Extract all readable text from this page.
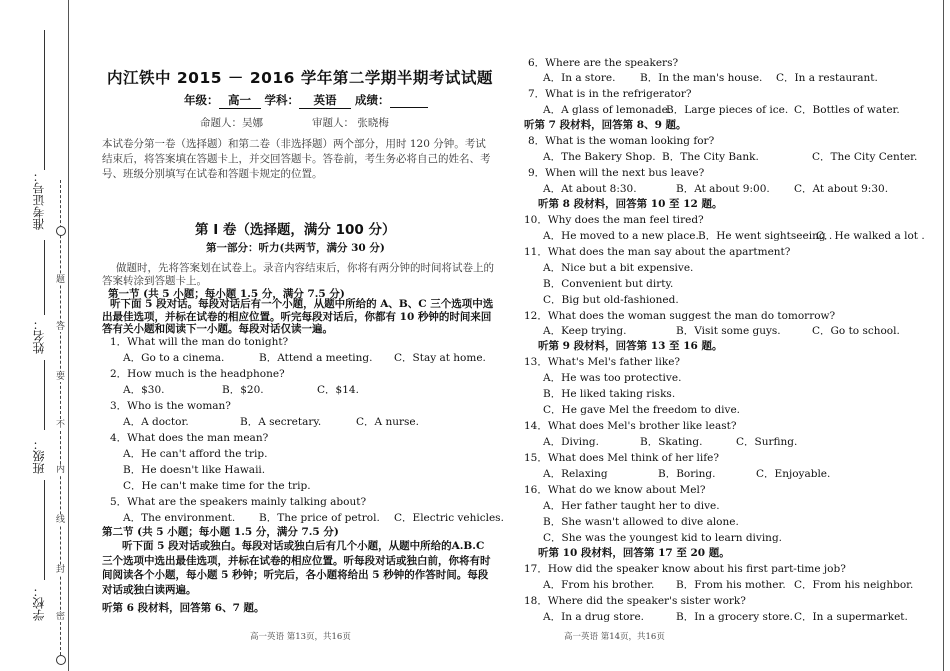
准考证号：
姓名：
班级：
学校：
题
答
要
不
内
线
封
密
内江铁中 2015 － 2016 学年第二学期半期考试试题
年级： 高一 学科： 英语 成绩：
命题人：吴娜	审题人： 张晓梅
本试卷分第一卷（选择题）和第二卷（非选择题）两个部分，用时 120 分钟。考试结束后，将答案填在答题卡上，并交回答题卡。答卷前，考生务必将自己的姓名、考号、班级分别填写在试卷和答题卡规定的位置。
第 I 卷（选择题，满分 100 分）
第一部分：听力(共两节，满分 30 分)
做题时，先将答案划在试卷上。录音内容结束后，你将有两分钟的时间将试卷上的答案转涂到答题卡上。
第一节 (共 5 小题；每小题 1.5 分，满分 7.5 分)
听下面 5 段对话。每段对话后有一个小题，从题中所给的 A、B、C 三个选项中选出最佳选项，并标在试卷的相应位置。听完每段对话后，你都有 10 秒钟的时间来回答有关小题和阅读下一小题。每段对话仅读一遍。
1．What will the man do tonight?
A．Go to a cinema.	B．Attend a meeting. C．Stay at home.
2．How much is the headphone?
A．$30.	B．$20.	C．$14.
3．Who is the woman?
A．A doctor.	B．A secretary.	C．A nurse.
4．What does the man mean?
A．He can't afford the trip.
B．He doesn't like Hawaii.
C．He can't make time for the trip.
5．What are the speakers mainly talking about?
A．The environment. B．The price of petrol. C．Electric vehicles.
第二节 (共 5 小题；每小题 1.5 分，满分 7.5 分)
听下面 5 段对话或独白。每段对话或独白后有几个小题，从题中所给的A.B.C 三个选项中选出最佳选项，并标在试卷的相应位置。听每段对话或独白前，你将有时间阅读各个小题，每小题 5 秒钟；听完后，各小题将给出 5 秒钟的作答时间。每段对话或独白读两遍。
听第 6 段材料，回答第 6、7 题。
高一英语 第13页，共16页
6．Where are the speakers?
A．In a store. B．In the man's house. C．In a restaurant.
7．What is in the refrigerator?
A．A glass of lemonade.
B．Large pieces of ice. C．Bottles of water.
听第 7 段材料，回答第 8、9 题。
8．What is the woman looking for?
A．The Bakery Shop. B．The City Bank.	C．The City Center.
9．When will the next bus leave?
A．At about 8:30.	B．At about 9:00. C．At about 9:30.
听第 8 段材料，回答第 10 至 12 题。
10．Why does the man feel tired?
A．He moved to a new place. B．He went sightseeing .
C．He walked a lot .
11．What does the man say about the apartment?
A．Nice but a bit expensive.
B．Convenient but dirty.
C．Big but old-fashioned.
12．What does the woman suggest the man do tomorrow?
A．Keep trying.	B．Visit some guys.	C．Go to school.
听第 9 段材料，回答第 13 至 16 题。
13．What's Mel's father like?
A．He was too protective.
B．He liked taking risks.
C．He gave Mel the freedom to dive.
14．What does Mel's brother like least?
A．Diving.	B．Skating.	C．Surfing.
15．What does Mel think of her life?
A．Relaxing	B．Boring.	C．Enjoyable.
16．What do we know about Mel?
A．Her father taught her to dive.
B．She wasn't allowed to dive alone.
C．She was the youngest kid to learn diving.
听第 10 段材料，回答第 17 至 20 题。
17．How did the speaker know about his first part-time job?
A．From his brother. B．From his mother. C．From his neighbor.
18．Where did the speaker's sister work?
A．In a drug store.	B．In a grocery store. C．In a supermarket.
高一英语 第14页，共16页
